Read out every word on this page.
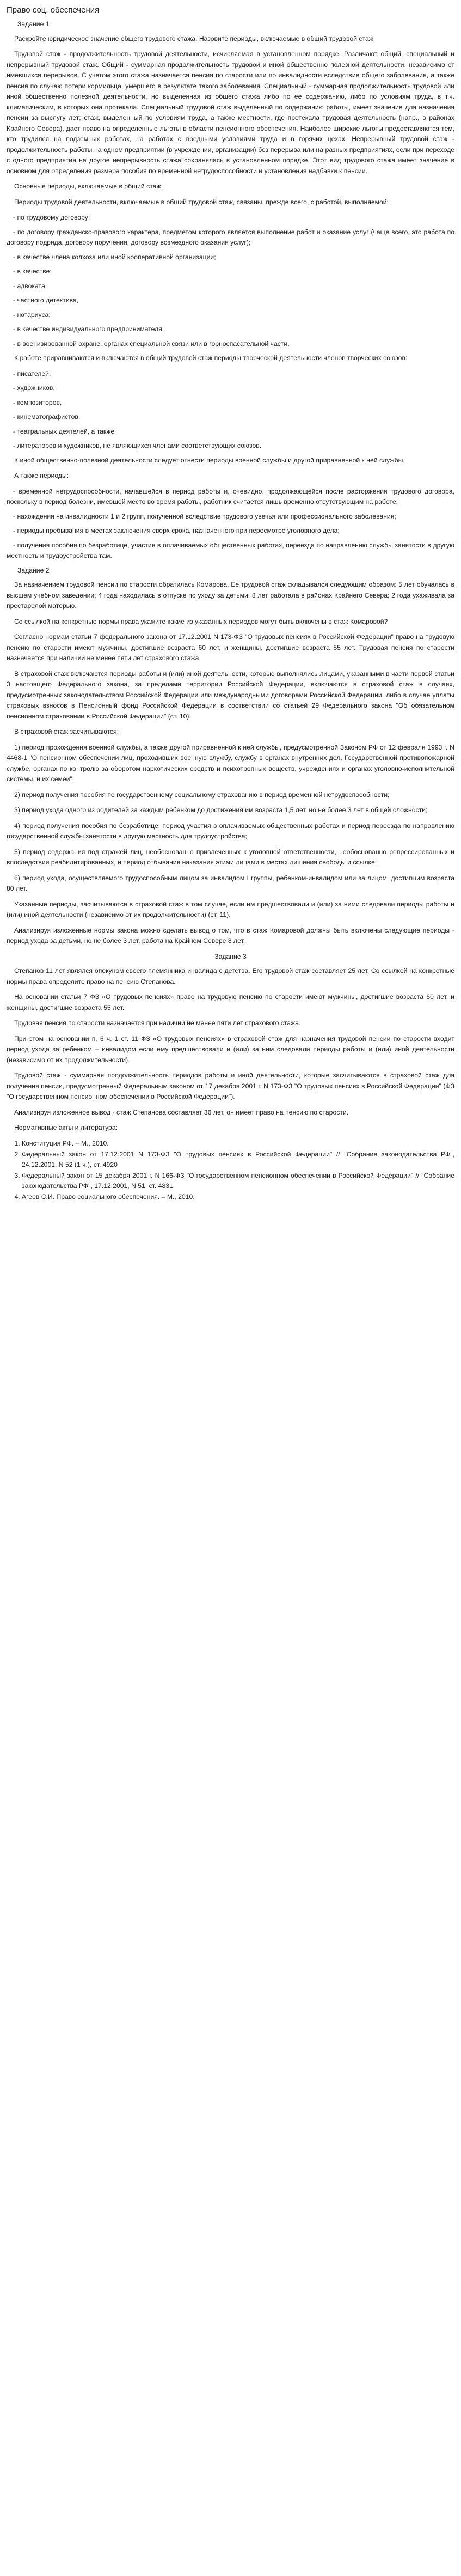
Право соц. обеспечения

Задание 1

Раскройте юридическое значение общего трудового стажа. Назовите периоды, включаемые в общий трудовой стаж

Трудовой стаж - продолжительность трудовой деятельности, исчисляемая в установленном порядке. Различают общий, специальный и непрерывный трудовой стаж. Общий - суммарная продолжительность трудовой и иной общественно полезной деятельности, независимо от имевшихся перерывов. С учетом этого стажа назначается пенсия по старости или по инвалидности вследствие общего заболевания, а также пенсия по случаю потери кормильца, умершего в результате такого заболевания. Специальный - суммарная продолжительность трудовой или иной общественно полезной деятельности, но выделенная из общего стажа либо по ее содержанию, либо по условиям труда, в т.ч. климатическим, в которых она протекала. Специальный трудовой стаж выделенный по содержанию работы, имеет значение для назначения пенсии за выслугу лет; стаж, выделенный по условиям труда, а также местности, где протекала трудовая деятельность (напр., в районах Крайнего Севера), дает право на определенные льготы в области пенсионного обеспечения. Наиболее широкие льготы предоставляются тем, кто трудился на подземных работах, на работах с вредными условиями труда и в горячих цехах. Непрерывный трудовой стаж - продолжительность работы на одном предприятии (в учреждении, организации) без перерыва или на разных предприятиях, если при переходе с одного предприятия на другое непрерывность стажа сохранялась в установленном порядке. Этот вид трудового стажа имеет значение в основном для определения размера пособия по временной нетрудоспособности и установления надбавки к пенсии.

Основные периоды, включаемые в общий стаж:

Периоды трудовой деятельности, включаемые в общий трудовой стаж, связаны, прежде всего, с работой, выполняемой:

- по трудовому договору;

- по договору гражданско-правового характера, предметом которого является выполнение работ и оказание услуг (чаще всего, это работа по договору подряда, договору поручения, договору возмездного оказания услуг);

- в качестве члена колхоза или иной кооперативной организации;

- в качестве:

- адвоката,

- частного детектива,

- нотариуса;

- в качестве индивидуального предпринимателя;

- в военизированной охране, органах специальной связи или в горноспасательной части.

К работе приравниваются и включаются в общий трудовой стаж периоды творческой деятельности членов творческих союзов:

- писателей,

- художников,

- композиторов,

- кинематографистов,

- театральных деятелей, а также

- литераторов и художников, не являющихся членами соответствующих союзов.

К иной общественно-полезной деятельности следует отнести периоды военной службы и другой приравненной к ней службы.

А также периоды:

- временной нетрудоспособности, начавшейся в период работы и, очевидно, продолжающейся после расторжения трудового договора, поскольку в период болезни, имевшей место во время работы, работник считается лишь временно отсутствующим на работе;

- нахождения на инвалидности 1 и 2 групп, полученной вследствие трудового увечья или профессионального заболевания;

- периоды пребывания в местах заключения сверх срока, назначенного при пересмотре уголовного дела;

- получения пособия по безработице, участия в оплачиваемых общественных работах, переезда по направлению службы занятости в другую местность и трудоустройства там.

Задание 2

За назначением трудовой пенсии по старости обратилась Комарова. Ее трудовой стаж складывался следующим образом: 5 лет обучалась в высшем учебном заведении; 4 года находилась в отпуске по уходу за детьми; 8 лет работала в районах Крайнего Севера; 2 года ухаживала за престарелой матерью.

Со ссылкой на конкретные нормы права укажите какие из указанных периодов могут быть включены в стаж Комаровой?

Согласно нормам статьи 7 федерального закона от 17.12.2001 N 173-ФЗ "О трудовых пенсиях в Российской Федерации" право на трудовую пенсию по старости имеют мужчины, достигшие возраста 60 лет, и женщины, достигшие возраста 55 лет. Трудовая пенсия по старости назначается при наличии не менее пяти лет страхового стажа.

В страховой стаж включаются периоды работы и (или) иной деятельности, которые выполнялись лицами, указанными в части первой статьи 3 настоящего Федерального закона, за пределами территории Российской Федерации, включаются в страховой стаж в случаях, предусмотренных законодательством Российской Федерации или международными договорами Российской Федерации, либо в случае уплаты страховых взносов в Пенсионный фонд Российской Федерации в соответствии со статьей 29 Федерального закона "Об обязательном пенсионном страховании в Российской Федерации" (ст. 10).

В страховой стаж засчитываются:

1) период прохождения военной службы, а также другой приравненной к ней службы, предусмотренной Законом РФ от 12 февраля 1993 г. N 4468-1 "О пенсионном обеспечении лиц, проходивших военную службу, службу в органах внутренних дел, Государственной противопожарной службе, органах по контролю за оборотом наркотических средств и психотропных веществ, учреждениях и органах уголовно-исполнительной системы, и их семей";

2) период получения пособия по государственному социальному страхованию в период временной нетрудоспособности;

3) период ухода одного из родителей за каждым ребенком до достижения им возраста 1,5 лет, но не более 3 лет в общей сложности;

4) период получения пособия по безработице, период участия в оплачиваемых общественных работах и период переезда по направлению государственной службы занятости в другую местность для трудоустройства;

5) период содержания под стражей лиц, необоснованно привлеченных к уголовной ответственности, необоснованно репрессированных и впоследствии реабилитированных, и период отбывания наказания этими лицами в местах лишения свободы и ссылке;

6) период ухода, осуществляемого трудоспособным лицом за инвалидом I группы, ребенком-инвалидом или за лицом, достигшим возраста 80 лет.

Указанные периоды, засчитываются в страховой стаж в том случае, если им предшествовали и (или) за ними следовали периоды работы и (или) иной деятельности (независимо от их продолжительности) (ст. 11).

Анализируя изложенные нормы закона можно сделать вывод о том, что в стаж Комаровой должны быть включены следующие периоды - период ухода за детьми, но не более 3 лет, работа на Крайнем Севере 8 лет.

Задание 3

Степанов 11 лет являлся опекуном своего племянника инвалида с детства. Его трудовой стаж составляет 25 лет. Со ссылкой на конкретные нормы права определите право на пенсию Степанова.

На основании статьи 7 ФЗ «О трудовых пенсиях» право на трудовую пенсию по старости имеют мужчины, достигшие возраста 60 лет, и женщины, достигшие возраста 55 лет.

Трудовая пенсия по старости назначается при наличии не менее пяти лет страхового стажа.

При этом на основании п. 6 ч. 1 ст. 11 ФЗ «О трудовых пенсиях» в страховой стаж для назначения трудовой пенсии по старости входит период ухода за ребенком – инвалидом если ему предшествовали и (или) за ним следовали периоды работы и (или) иной деятельности (независимо от их продолжительности).

Трудовой стаж - суммарная продолжительность периодов работы и иной деятельности, которые засчитываются в страховой стаж для получения пенсии, предусмотренный Федеральным законом от 17 декабря 2001 г. N 173-ФЗ "О трудовых пенсиях в Российской Федерации" (ФЗ "О государственном пенсионном обеспечении в Российской Федерации").

Анализируя изложенное вывод - стаж Степанова составляет 36 лет, он имеет право на пенсию по старости.

Нормативные акты и литература:

1. Конституция РФ. – М., 2010.
2. Федеральный закон от 17.12.2001 N 173-ФЗ "О трудовых пенсиях в Российской Федерации" // "Собрание законодательства РФ", 24.12.2001, N 52 (1 ч.), ст. 4920
3. Федеральный закон от 15 декабря 2001 г. N 166-ФЗ "О государственном пенсионном обеспечении в Российской Федерации" // "Собрание законодательства РФ", 17.12.2001, N 51, ст. 4831
4. Агеев С.И. Право социального обеспечения. – М., 2010.
